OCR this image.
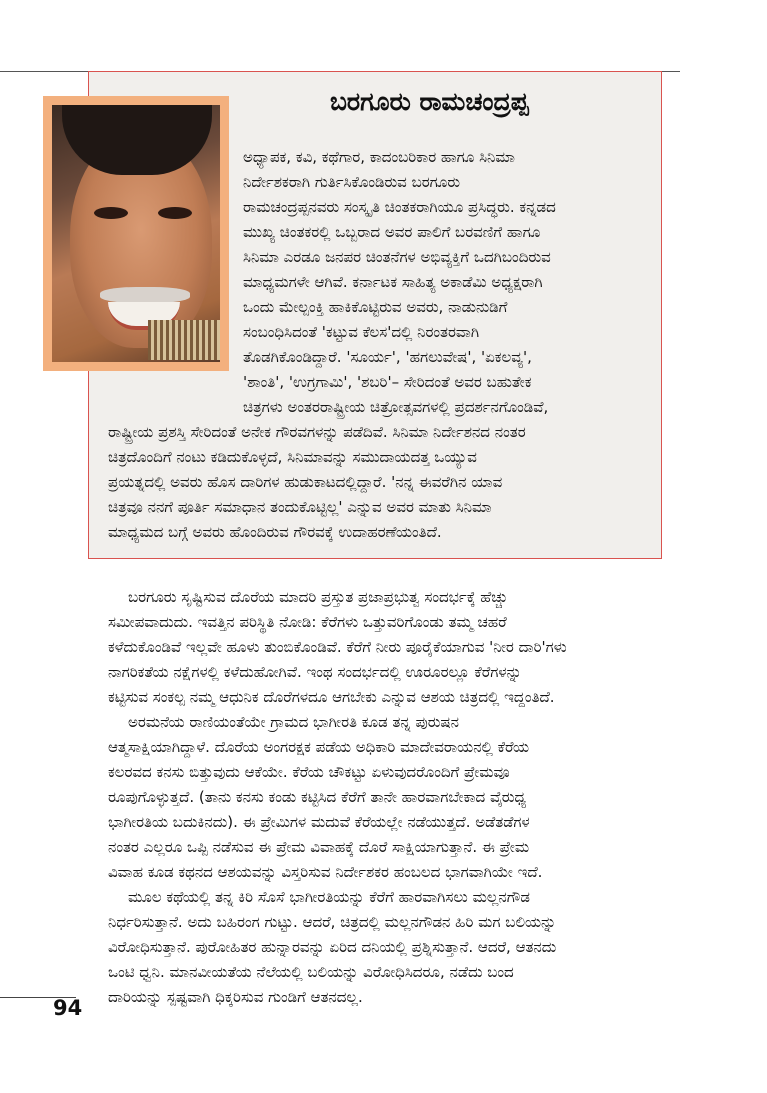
ಬರಗೂರು ರಾಮಚಂದ್ರಪ್ಪ
ಅಧ್ಯಾಪಕ, ಕವಿ, ಕಥೆಗಾರ, ಕಾದಂಬರಿಕಾರ ಹಾಗೂ ಸಿನಿಮಾ
ನಿರ್ದೇಶಕರಾಗಿ ಗುರ್ತಿಸಿಕೊಂಡಿರುವ ಬರಗೂರು
ರಾಮಚಂದ್ರಪ್ಪನವರು ಸಂಸ್ಕೃತಿ ಚಿಂತಕರಾಗಿಯೂ ಪ್ರಸಿದ್ಧರು. ಕನ್ನಡದ
ಮುಖ್ಯ ಚಿಂತಕರಲ್ಲಿ ಒಬ್ಬರಾದ ಅವರ ಪಾಲಿಗೆ ಬರವಣಿಗೆ ಹಾಗೂ
ಸಿನಿಮಾ ಎರಡೂ ಜನಪರ ಚಿಂತನೆಗಳ ಅಭಿವ್ಯಕ್ತಿಗೆ ಒದಗಿಬಂದಿರುವ
ಮಾಧ್ಯಮಗಳೇ ಆಗಿವೆ. ಕರ್ನಾಟಕ ಸಾಹಿತ್ಯ ಅಕಾಡೆಮಿ ಅಧ್ಯಕ್ಷರಾಗಿ
ಒಂದು ಮೇಲ್ಪಂಕ್ತಿ ಹಾಕಿಕೊಟ್ಟಿರುವ ಅವರು, ನಾಡುನುಡಿಗೆ
ಸಂಬಂಧಿಸಿದಂತೆ 'ಕಟ್ಟುವ ಕೆಲಸ'ದಲ್ಲಿ ನಿರಂತರವಾಗಿ
ತೊಡಗಿಕೊಂಡಿದ್ದಾರೆ. 'ಸೂರ್ಯ', 'ಹಗಲುವೇಷ', 'ಏಕಲವ್ಯ',
'ಶಾಂತಿ', 'ಉಗ್ರಗಾಮಿ', 'ಶಬರಿ'– ಸೇರಿದಂತೆ ಅವರ ಬಹುತೇಕ
ಚಿತ್ರಗಳು ಅಂತರರಾಷ್ಟ್ರೀಯ ಚಿತ್ರೋತ್ಸವಗಳಲ್ಲಿ ಪ್ರದರ್ಶನಗೊಂಡಿವೆ,
ರಾಷ್ಟ್ರೀಯ ಪ್ರಶಸ್ತಿ ಸೇರಿದಂತೆ ಅನೇಕ ಗೌರವಗಳನ್ನು ಪಡೆದಿವೆ. ಸಿನಿಮಾ ನಿರ್ದೇಶನದ ನಂತರ
ಚಿತ್ರದೊಂದಿಗೆ ನಂಟು ಕಡಿದುಕೊಳ್ಳದೆ, ಸಿನಿಮಾವನ್ನು ಸಮುದಾಯದತ್ತ ಒಯ್ಯುವ
ಪ್ರಯತ್ನದಲ್ಲಿ ಅವರು ಹೊಸ ದಾರಿಗಳ ಹುಡುಕಾಟದಲ್ಲಿದ್ದಾರೆ. 'ನನ್ನ ಈವರೆಗಿನ ಯಾವ
ಚಿತ್ರವೂ ನನಗೆ ಪೂರ್ತಿ ಸಮಾಧಾನ ತಂದುಕೊಟ್ಟಿಲ್ಲ' ಎನ್ನುವ ಅವರ ಮಾತು ಸಿನಿಮಾ
ಮಾಧ್ಯಮದ ಬಗ್ಗೆ ಅವರು ಹೊಂದಿರುವ ಗೌರವಕ್ಕೆ ಉದಾಹರಣೆಯಂತಿದೆ.
ಬರಗೂರು ಸೃಷ್ಟಿಸುವ ದೊರೆಯ ಮಾದರಿ ಪ್ರಸ್ತುತ ಪ್ರಜಾಪ್ರಭುತ್ವ ಸಂದರ್ಭಕ್ಕೆ ಹೆಚ್ಚು
ಸಮೀಪವಾದುದು. ಇವತ್ತಿನ ಪರಿಸ್ಥಿತಿ ನೋಡಿ: ಕೆರೆಗಳು ಒತ್ತುವರಿಗೊಂಡು ತಮ್ಮ ಚಹರೆ
ಕಳೆದುಕೊಂಡಿವೆ ಇಲ್ಲವೇ ಹೂಳು ತುಂಬಿಕೊಂಡಿವೆ. ಕೆರೆಗೆ ನೀರು ಪೂರೈಕೆಯಾಗುವ 'ನೀರ ದಾರಿ'ಗಳು
ನಾಗರಿಕತೆಯ ನಕ್ಷೆಗಳಲ್ಲಿ ಕಳೆದುಹೋಗಿವೆ. ಇಂಥ ಸಂದರ್ಭದಲ್ಲಿ ಊರೂರಲ್ಲೂ ಕೆರೆಗಳನ್ನು
ಕಟ್ಟಿಸುವ ಸಂಕಲ್ಪ ನಮ್ಮ ಆಧುನಿಕ ದೊರೆಗಳದೂ ಆಗಬೇಕು ಎನ್ನುವ ಆಶಯ ಚಿತ್ರದಲ್ಲಿ ಇದ್ದಂತಿದೆ.
ಅರಮನೆಯ ರಾಣಿಯಂತೆಯೇ ಗ್ರಾಮದ ಭಾಗೀರತಿ ಕೂಡ ತನ್ನ ಪುರುಷನ
ಆತ್ಮಸಾಕ್ಷಿಯಾಗಿದ್ದಾಳೆ. ದೊರೆಯ ಅಂಗರಕ್ಷಕ ಪಡೆಯ ಅಧಿಕಾರಿ ಮಾದೇವರಾಯನಲ್ಲಿ ಕೆರೆಯ
ಕಲರವದ ಕನಸು ಬಿತ್ತುವುದು ಆಕೆಯೇ. ಕೆರೆಯ ಚೌಕಟ್ಟು ಏಳುವುದರೊಂದಿಗೆ ಪ್ರೇಮವೂ
ರೂಪುಗೊಳ್ಳುತ್ತದೆ. (ತಾನು ಕನಸು ಕಂಡು ಕಟ್ಟಿಸಿದ ಕೆರೆಗೆ ತಾನೇ ಹಾರವಾಗಬೇಕಾದ ವೈರುಧ್ಯ
ಭಾಗೀರತಿಯ ಬದುಕಿನದು). ಈ ಪ್ರೇಮಿಗಳ ಮದುವೆ ಕೆರೆಯಲ್ಲೇ ನಡೆಯುತ್ತದೆ. ಅಡೆತಡೆಗಳ
ನಂತರ ಎಲ್ಲರೂ ಒಪ್ಪಿ ನಡೆಸುವ ಈ ಪ್ರೇಮ ವಿವಾಹಕ್ಕೆ ದೊರೆ ಸಾಕ್ಷಿಯಾಗುತ್ತಾನೆ. ಈ ಪ್ರೇಮ
ವಿವಾಹ ಕೂಡ ಕಥನದ ಆಶಯವನ್ನು ವಿಸ್ತರಿಸುವ ನಿರ್ದೇಶಕರ ಹಂಬಲದ ಭಾಗವಾಗಿಯೇ ಇದೆ.
ಮೂಲ ಕಥೆಯಲ್ಲಿ ತನ್ನ ಕಿರಿ ಸೊಸೆ ಭಾಗೀರತಿಯನ್ನು ಕೆರೆಗೆ ಹಾರವಾಗಿಸಲು ಮಲ್ಲನಗೌಡ
ನಿರ್ಧರಿಸುತ್ತಾನೆ. ಅದು ಬಹಿರಂಗ ಗುಟ್ಟು. ಆದರೆ, ಚಿತ್ರದಲ್ಲಿ ಮಲ್ಲನಗೌಡನ ಹಿರಿ ಮಗ ಬಲಿಯನ್ನು
ವಿರೋಧಿಸುತ್ತಾನೆ. ಪುರೋಹಿತರ ಹುನ್ನಾರವನ್ನು ಏರಿದ ದನಿಯಲ್ಲಿ ಪ್ರಶ್ನಿಸುತ್ತಾನೆ. ಆದರೆ, ಆತನದು
ಒಂಟಿ ಧ್ವನಿ. ಮಾನವೀಯತೆಯ ನೆಲೆಯಲ್ಲಿ ಬಲಿಯನ್ನು ವಿರೋಧಿಸಿದರೂ, ನಡೆದು ಬಂದ
ದಾರಿಯನ್ನು ಸ್ಪಷ್ಟವಾಗಿ ಧಿಕ್ಕರಿಸುವ ಗುಂಡಿಗೆ ಆತನದಲ್ಲ.
94
